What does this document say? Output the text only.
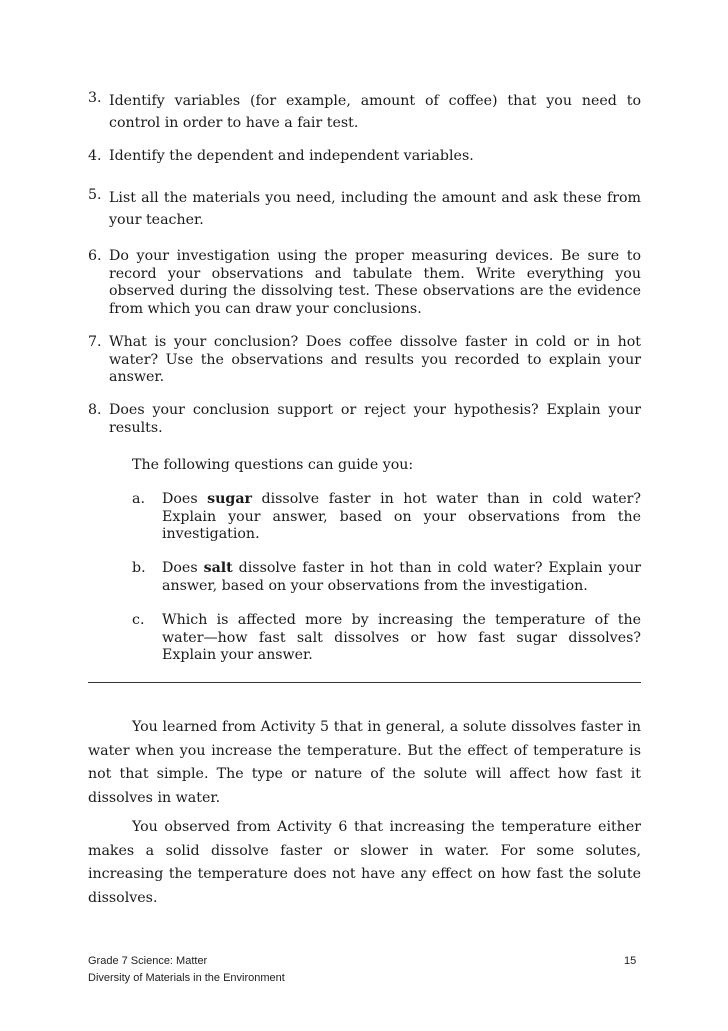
3. Identify variables (for example, amount of coffee) that you need to control in order to have a fair test.
4. Identify the dependent and independent variables.
5. List all the materials you need, including the amount and ask these from your teacher.
6. Do your investigation using the proper measuring devices. Be sure to record your observations and tabulate them. Write everything you observed during the dissolving test. These observations are the evidence from which you can draw your conclusions.
7. What is your conclusion? Does coffee dissolve faster in cold or in hot water? Use the observations and results you recorded to explain your answer.
8. Does your conclusion support or reject your hypothesis? Explain your results.
The following questions can guide you:
a. Does sugar dissolve faster in hot water than in cold water? Explain your answer, based on your observations from the investigation.
b. Does salt dissolve faster in hot than in cold water? Explain your answer, based on your observations from the investigation.
c. Which is affected more by increasing the temperature of the water—how fast salt dissolves or how fast sugar dissolves? Explain your answer.
You learned from Activity 5 that in general, a solute dissolves faster in water when you increase the temperature. But the effect of temperature is not that simple. The type or nature of the solute will affect how fast it dissolves in water.
You observed from Activity 6 that increasing the temperature either makes a solid dissolve faster or slower in water. For some solutes, increasing the temperature does not have any effect on how fast the solute dissolves.
Grade 7 Science: Matter
Diversity of Materials in the Environment
15
